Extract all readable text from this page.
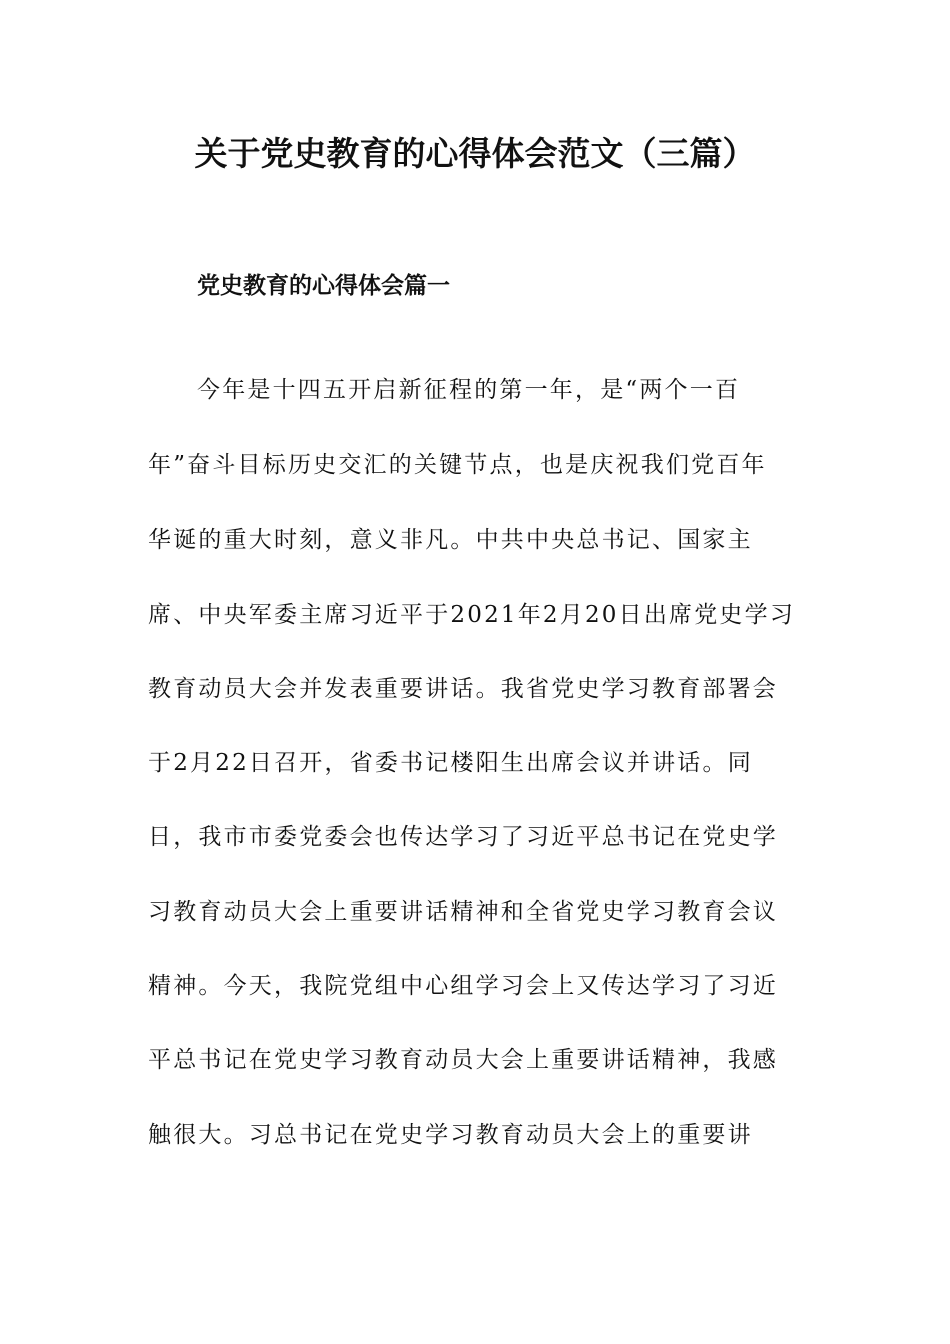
关于党史教育的心得体会范文（三篇）
党史教育的心得体会篇一
今年是十四五开启新征程的第一年，是“两个一百
年”奋斗目标历史交汇的关键节点，也是庆祝我们党百年
华诞的重大时刻，意义非凡。中共中央总书记、国家主
席、中央军委主席习近平于2021年2月20日出席党史学习
教育动员大会并发表重要讲话。我省党史学习教育部署会
于2月22日召开，省委书记楼阳生出席会议并讲话。同
日，我市市委党委会也传达学习了习近平总书记在党史学
习教育动员大会上重要讲话精神和全省党史学习教育会议
精神。今天，我院党组中心组学习会上又传达学习了习近
平总书记在党史学习教育动员大会上重要讲话精神，我感
触很大。习总书记在党史学习教育动员大会上的重要讲
